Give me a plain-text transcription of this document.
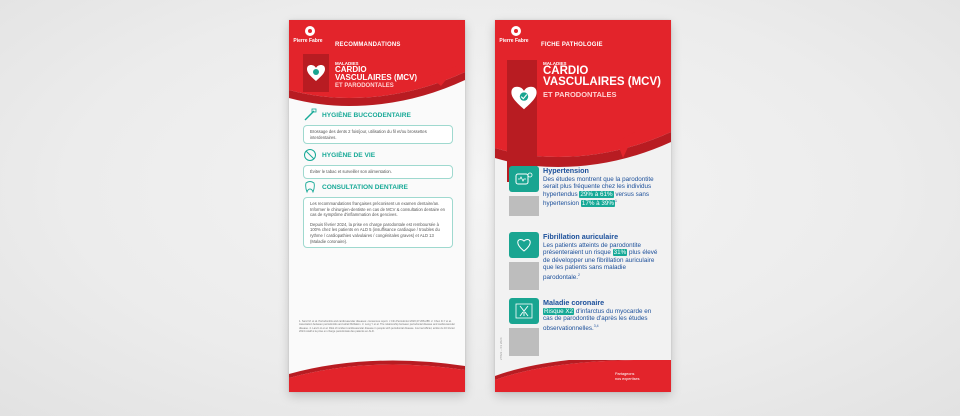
Pierre Fabre
RECOMMANDATIONS
MALADIES
CARDIO
VASCULAIRES (MCV)
ET PARODONTALES
HYGIÈNE BUCCODENTAIRE

Brossage des dents 2 fois/jour, utilisation du fil et/ou brossettes interdentaires.

HYGIÈNE DE VIE

Éviter le tabac et surveiller son alimentation.

CONSULTATION DENTAIRE

Les recommandations françaises préconisent un examen dentaire/an. Informer le chirurgien-dentiste en cas de MCV & consultation dentaire en cas de symptôme d'inflammation des gencives.

Depuis février 2024, la prise en charge parodontale est remboursée à 100% chez les patients en ALD 5 (insuffisance cardiaque / troubles du rythme / cardiopathies valvulaires / congénitales graves) et ALD 13 (Maladie coronaire).

1. Sanz M. et al. Periodontitis and cardiovascular diseases: consensus report. J Clin Periodontol 2020;47:268-288. 2. Chen D-Y et al. Association between periodontitis and atrial fibrillation. 3. Leng Y et al. The relationship between periodontal disease and cardiovascular disease. 4. Larvin H et al. Risk of incident cardiovascular disease in people with periodontal disease. Journal officiel, arrêté du 16 février 2024 relatif à la prise en charge parodontale des patients en ALD.
Pierre Fabre
FICHE PATHOLOGIE
MALADIES
CARDIO
VASCULAIRES (MCV)
ET PARODONTALES
Hypertension
Des études montrent que la parodontite serait plus fréquente chez les individus hypertendus 29% à 61% versus sans hypertension 17% à 39%$^1$
Fibrillation auriculaire
Les patients atteints de parodontite présenteraient un risque 31% plus élevé de développer une fibrillation auriculaire que les patients sans maladie parodontale.$^2$
Maladie coronaire
Risque X2 d'infarctus du myocarde en cas de parodontite d'après les études observationnelles.$^{3,4}$
27822 – 03 2024
Partageons
nos expertises
